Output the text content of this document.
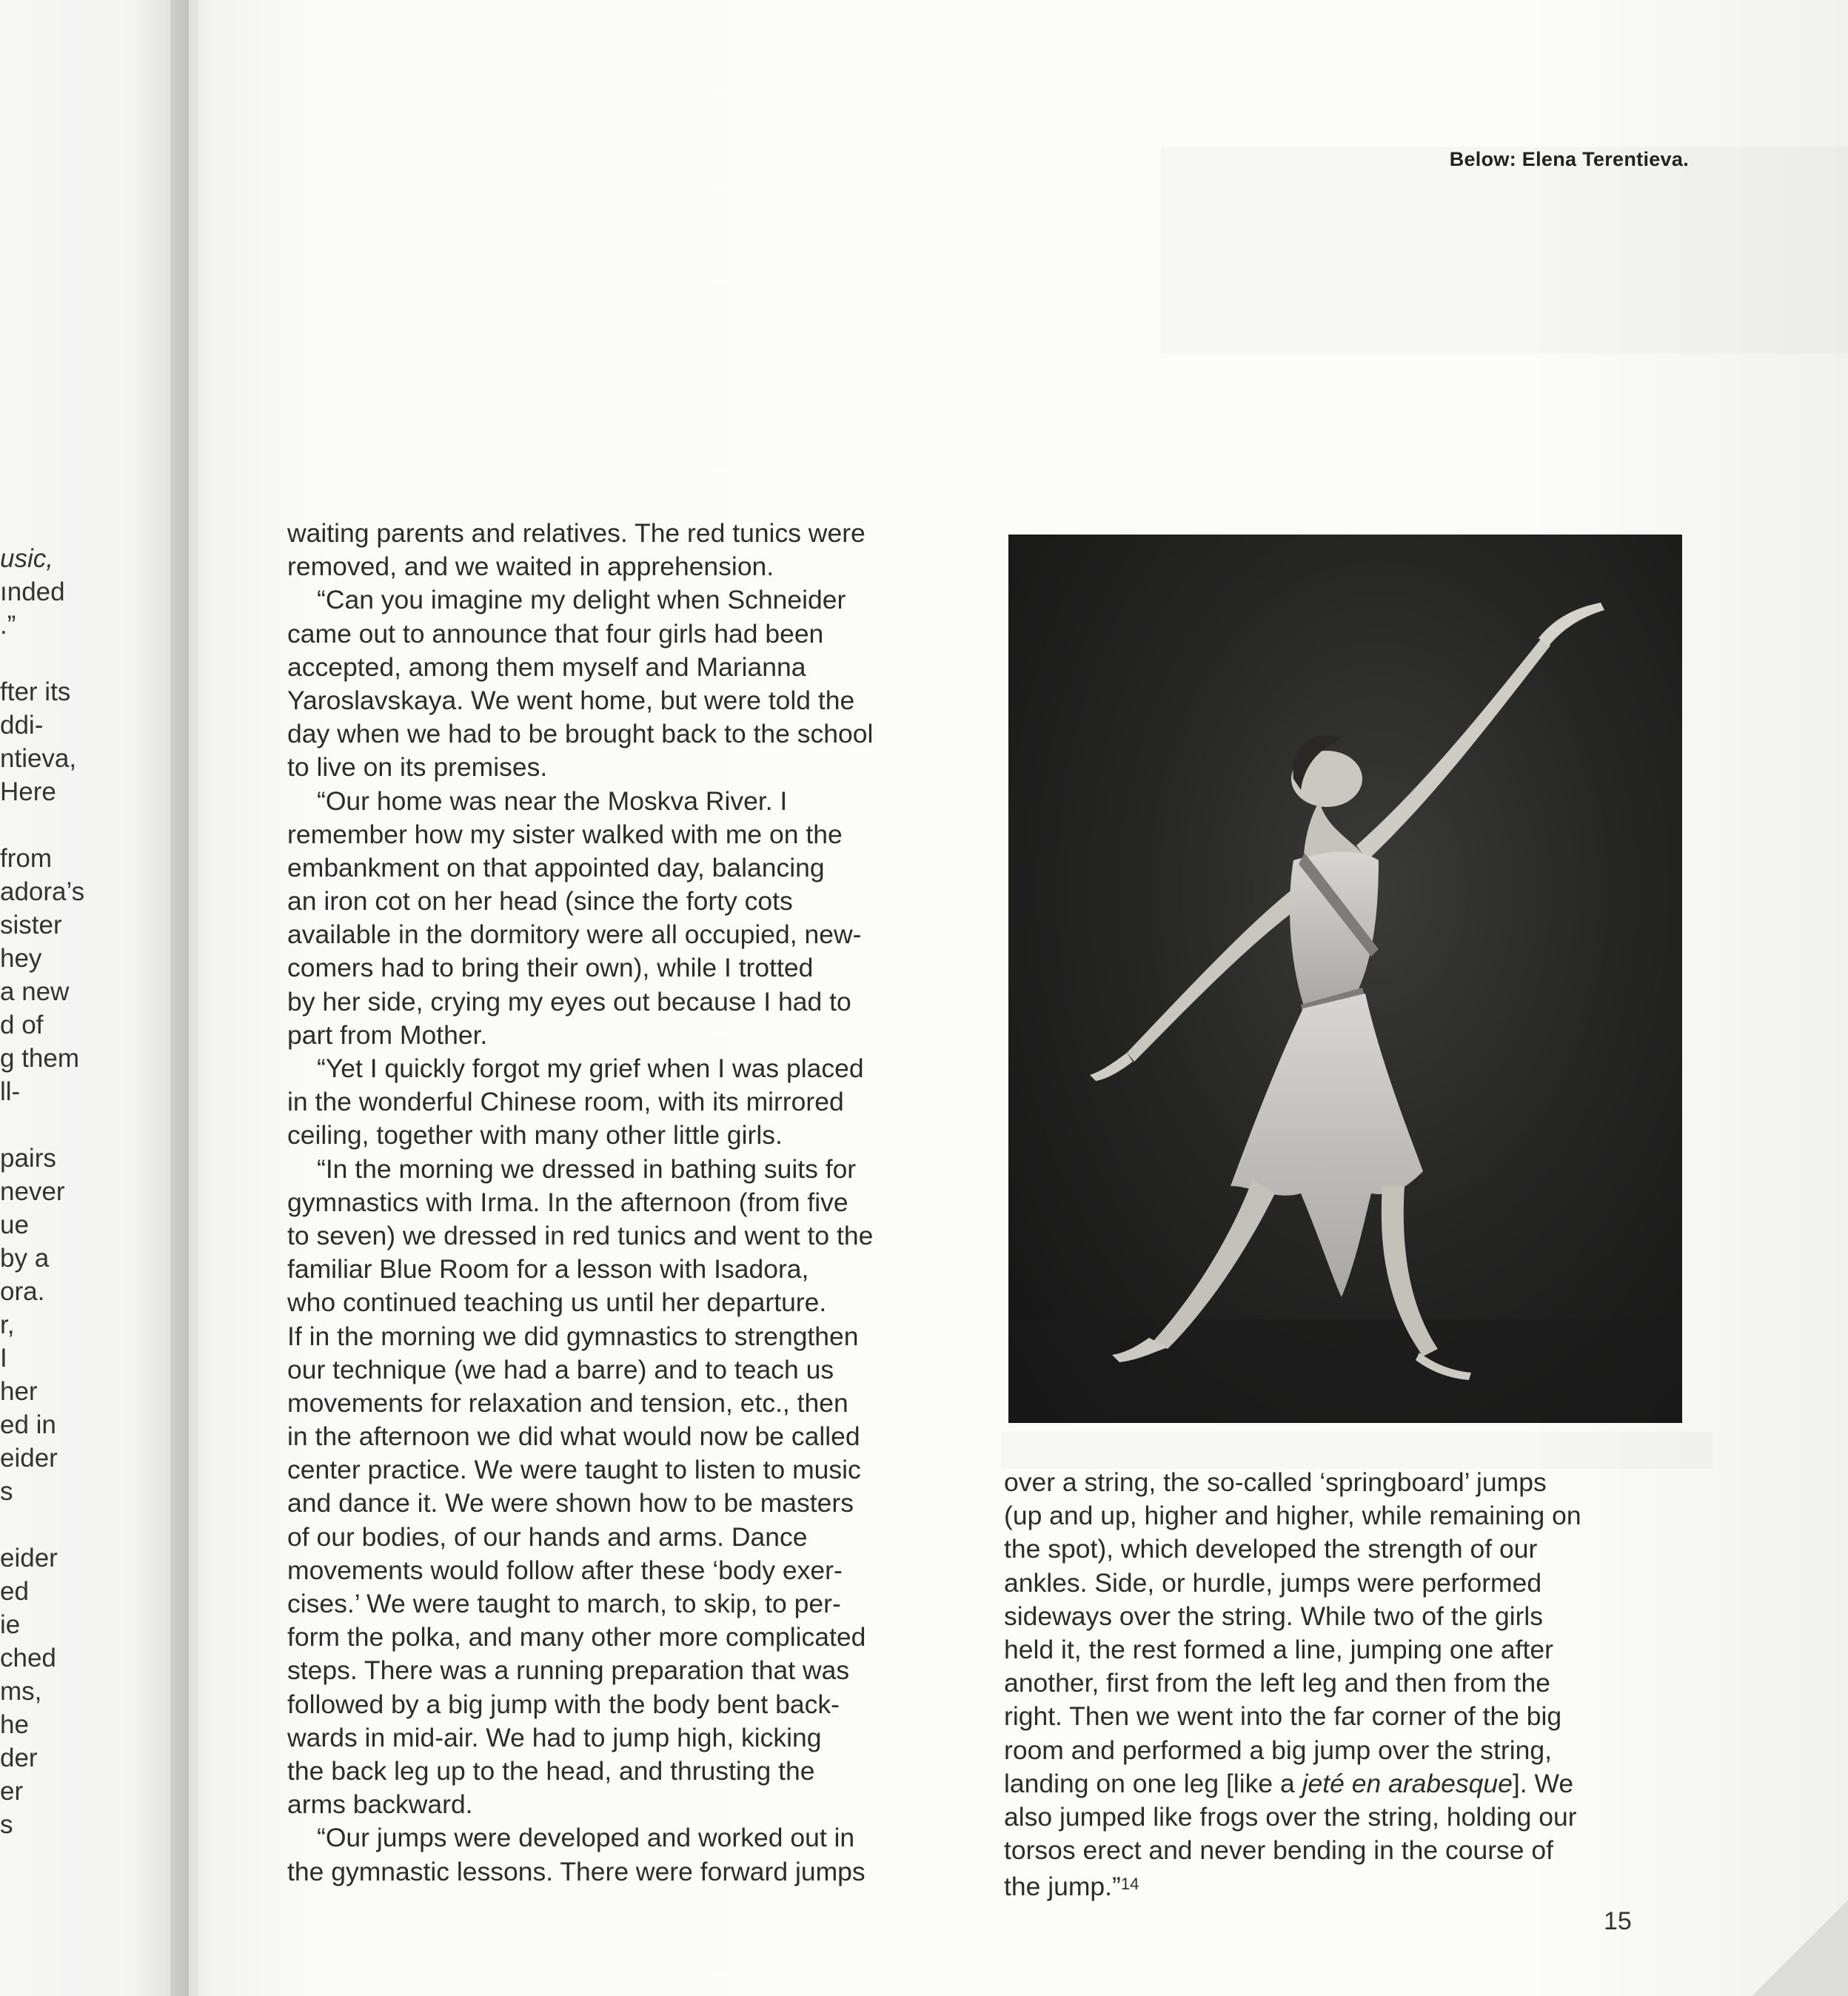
usic,
ınded
.”
fter its
ddi-
ntieva,
Here
from
adora’s
sister
hey
a new
d of
g them
ll-
pairs
never
ue
by a
ora.
r,
I
her
ed in
eider
s
eider
ed
ie
ched
ms,
he
der
er
s
Below: Elena Terentieva.
waiting parents and relatives. The red tunics were
removed, and we waited in apprehension.
“Can you imagine my delight when Schneider
came out to announce that four girls had been
accepted, among them myself and Marianna
Yaroslavskaya. We went home, but were told the
day when we had to be brought back to the school
to live on its premises.
“Our home was near the Moskva River. I
remember how my sister walked with me on the
embankment on that appointed day, balancing
an iron cot on her head (since the forty cots
available in the dormitory were all occupied, new-
comers had to bring their own), while I trotted
by her side, crying my eyes out because I had to
part from Mother.
“Yet I quickly forgot my grief when I was placed
in the wonderful Chinese room, with its mirrored
ceiling, together with many other little girls.
“In the morning we dressed in bathing suits for
gymnastics with Irma. In the afternoon (from five
to seven) we dressed in red tunics and went to the
familiar Blue Room for a lesson with Isadora,
who continued teaching us until her departure.
If in the morning we did gymnastics to strengthen
our technique (we had a barre) and to teach us
movements for relaxation and tension, etc., then
in the afternoon we did what would now be called
center practice. We were taught to listen to music
and dance it. We were shown how to be masters
of our bodies, of our hands and arms. Dance
movements would follow after these ‘body exer-
cises.’ We were taught to march, to skip, to per-
form the polka, and many other more complicated
steps. There was a running preparation that was
followed by a big jump with the body bent back-
wards in mid-air. We had to jump high, kicking
the back leg up to the head, and thrusting the
arms backward.
“Our jumps were developed and worked out in
the gymnastic lessons. There were forward jumps
over a string, the so-called ‘springboard’ jumps
(up and up, higher and higher, while remaining on
the spot), which developed the strength of our
ankles. Side, or hurdle, jumps were performed
sideways over the string. While two of the girls
held it, the rest formed a line, jumping one after
another, first from the left leg and then from the
right. Then we went into the far corner of the big
room and performed a big jump over the string,
landing on one leg [like a jeté en arabesque]. We
also jumped like frogs over the string, holding our
torsos erect and never bending in the course of
the jump.”$^{14}$
15
